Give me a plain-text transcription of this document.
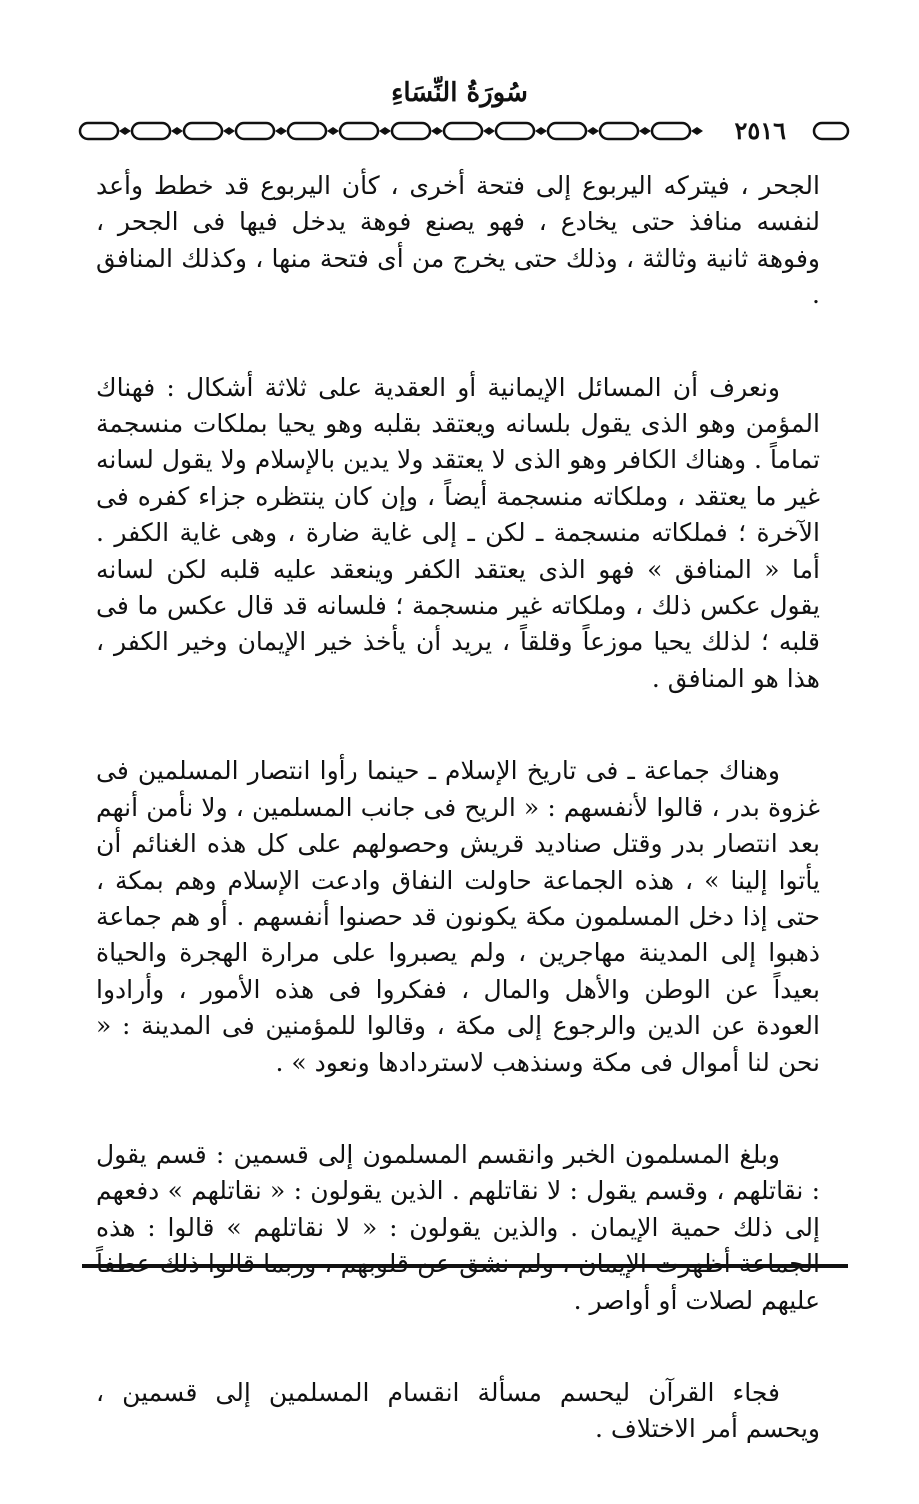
سُورَةُ النِّسَاءِ
٢٥١٦

الجحر ، فيتركه اليربوع إلى فتحة أخرى ، كأن اليربوع قد خطط وأعد لنفسه منافذ حتى يخادع ، فهو يصنع فوهة يدخل فيها فى الجحر ، وفوهة ثانية وثالثة ، وذلك حتى يخرج من أى فتحة منها ، وكذلك المنافق .

ونعرف أن المسائل الإيمانية أو العقدية على ثلاثة أشكال : فهناك المؤمن وهو الذى يقول بلسانه ويعتقد بقلبه وهو يحيا بملكات منسجمة تماماً . وهناك الكافر وهو الذى لا يعتقد ولا يدين بالإسلام ولا يقول لسانه غير ما يعتقد ، وملكاته منسجمة أيضاً ، وإن كان ينتظره جزاء كفره فى الآخرة ؛ فملكاته منسجمة ـ لكن ـ إلى غاية ضارة ، وهى غاية الكفر . أما « المنافق » فهو الذى يعتقد الكفر وينعقد عليه قلبه لكن لسانه يقول عكس ذلك ، وملكاته غير منسجمة ؛ فلسانه قد قال عكس ما فى قلبه ؛ لذلك يحيا موزعاً وقلقاً ، يريد أن يأخذ خير الإيمان وخير الكفر ، هذا هو المنافق .

وهناك جماعة ـ فى تاريخ الإسلام ـ حينما رأوا انتصار المسلمين فى غزوة بدر ، قالوا لأنفسهم : « الريح فى جانب المسلمين ، ولا نأمن أنهم بعد انتصار بدر وقتل صناديد قريش وحصولهم على كل هذه الغنائم أن يأتوا إلينا » ، هذه الجماعة حاولت النفاق وادعت الإسلام وهم بمكة ، حتى إذا دخل المسلمون مكة يكونون قد حصنوا أنفسهم . أو هم جماعة ذهبوا إلى المدينة مهاجرين ، ولم يصبروا على مرارة الهجرة والحياة بعيداً عن الوطن والأهل والمال ، ففكروا فى هذه الأمور ، وأرادوا العودة عن الدين والرجوع إلى مكة ، وقالوا للمؤمنين فى المدينة : « نحن لنا أموال فى مكة وسنذهب لاستردادها ونعود » .

وبلغ المسلمون الخبر وانقسم المسلمون إلى قسمين : قسم يقول : نقاتلهم ، وقسم يقول : لا نقاتلهم . الذين يقولون : « نقاتلهم » دفعهم إلى ذلك حمية الإيمان . والذين يقولون : « لا نقاتلهم » قالوا : هذه عليهم لصلات أو أواصر .

فجاء القرآن ليحسم مسألة انقسام المسلمين إلى قسمين ، ويحسم أمر الاختلاف .
